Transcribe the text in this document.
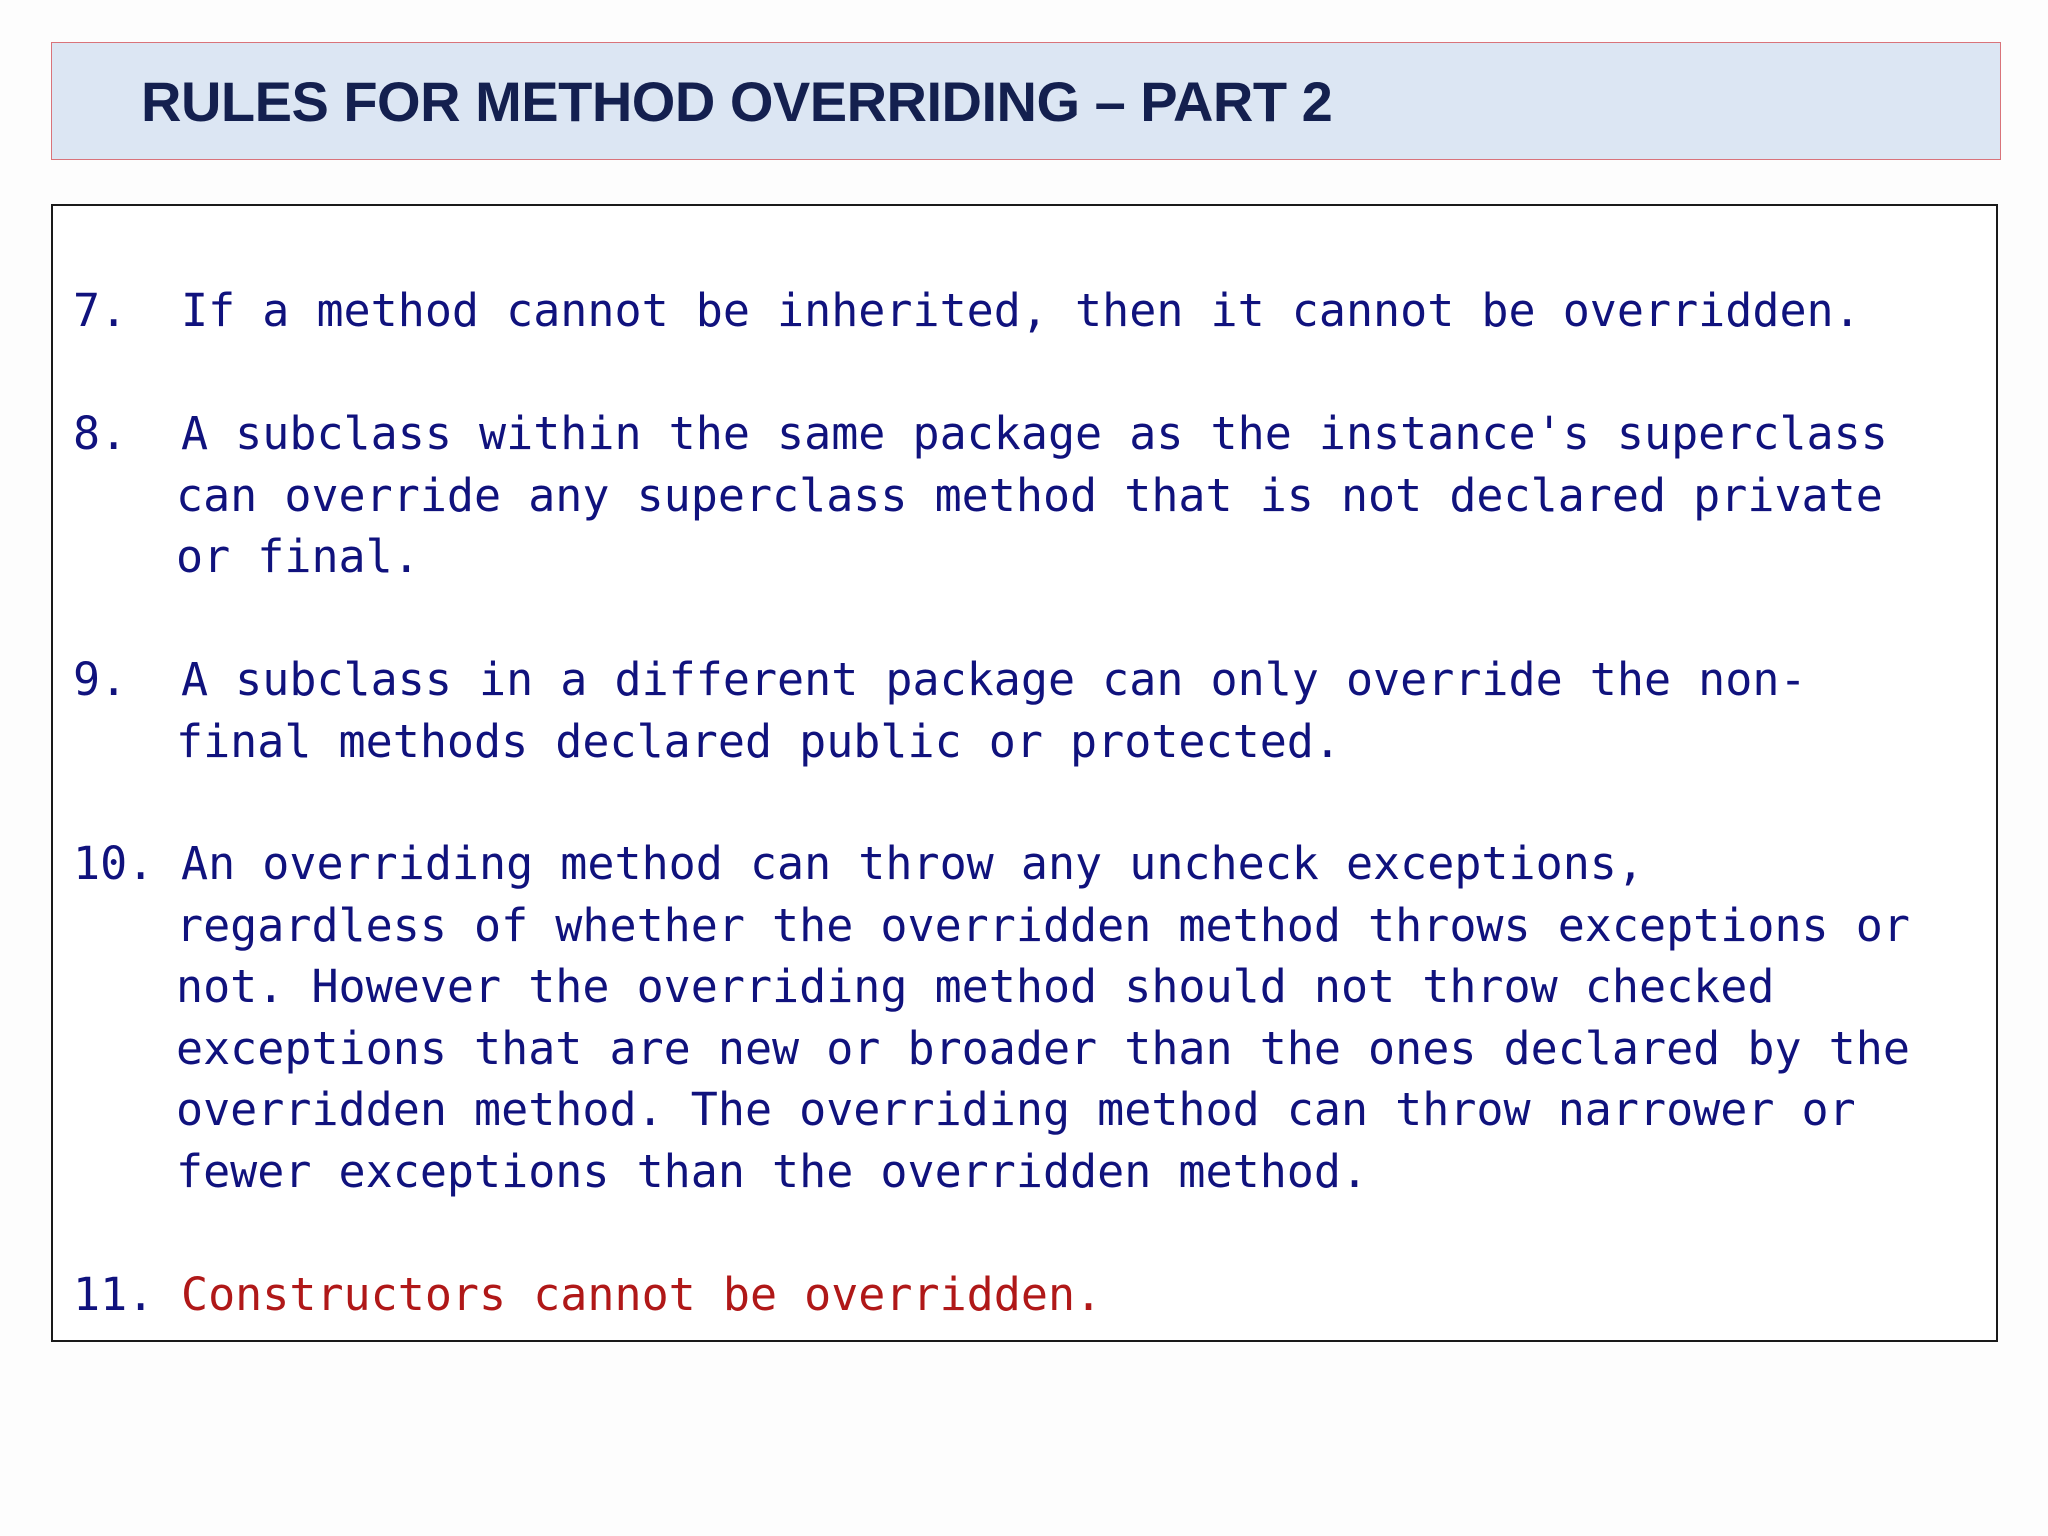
RULES FOR METHOD OVERRIDING – PART 2
7. If a method cannot be inherited, then it cannot be overridden.
8. A subclass within the same package as the instance's superclass
can override any superclass method that is not declared private
or final.
9. A subclass in a different package can only override the non-
final methods declared public or protected.
10. An overriding method can throw any uncheck exceptions,
regardless of whether the overridden method throws exceptions or
not. However the overriding method should not throw checked
exceptions that are new or broader than the ones declared by the
overridden method. The overriding method can throw narrower or
fewer exceptions than the overridden method.
11. Constructors cannot be overridden.
